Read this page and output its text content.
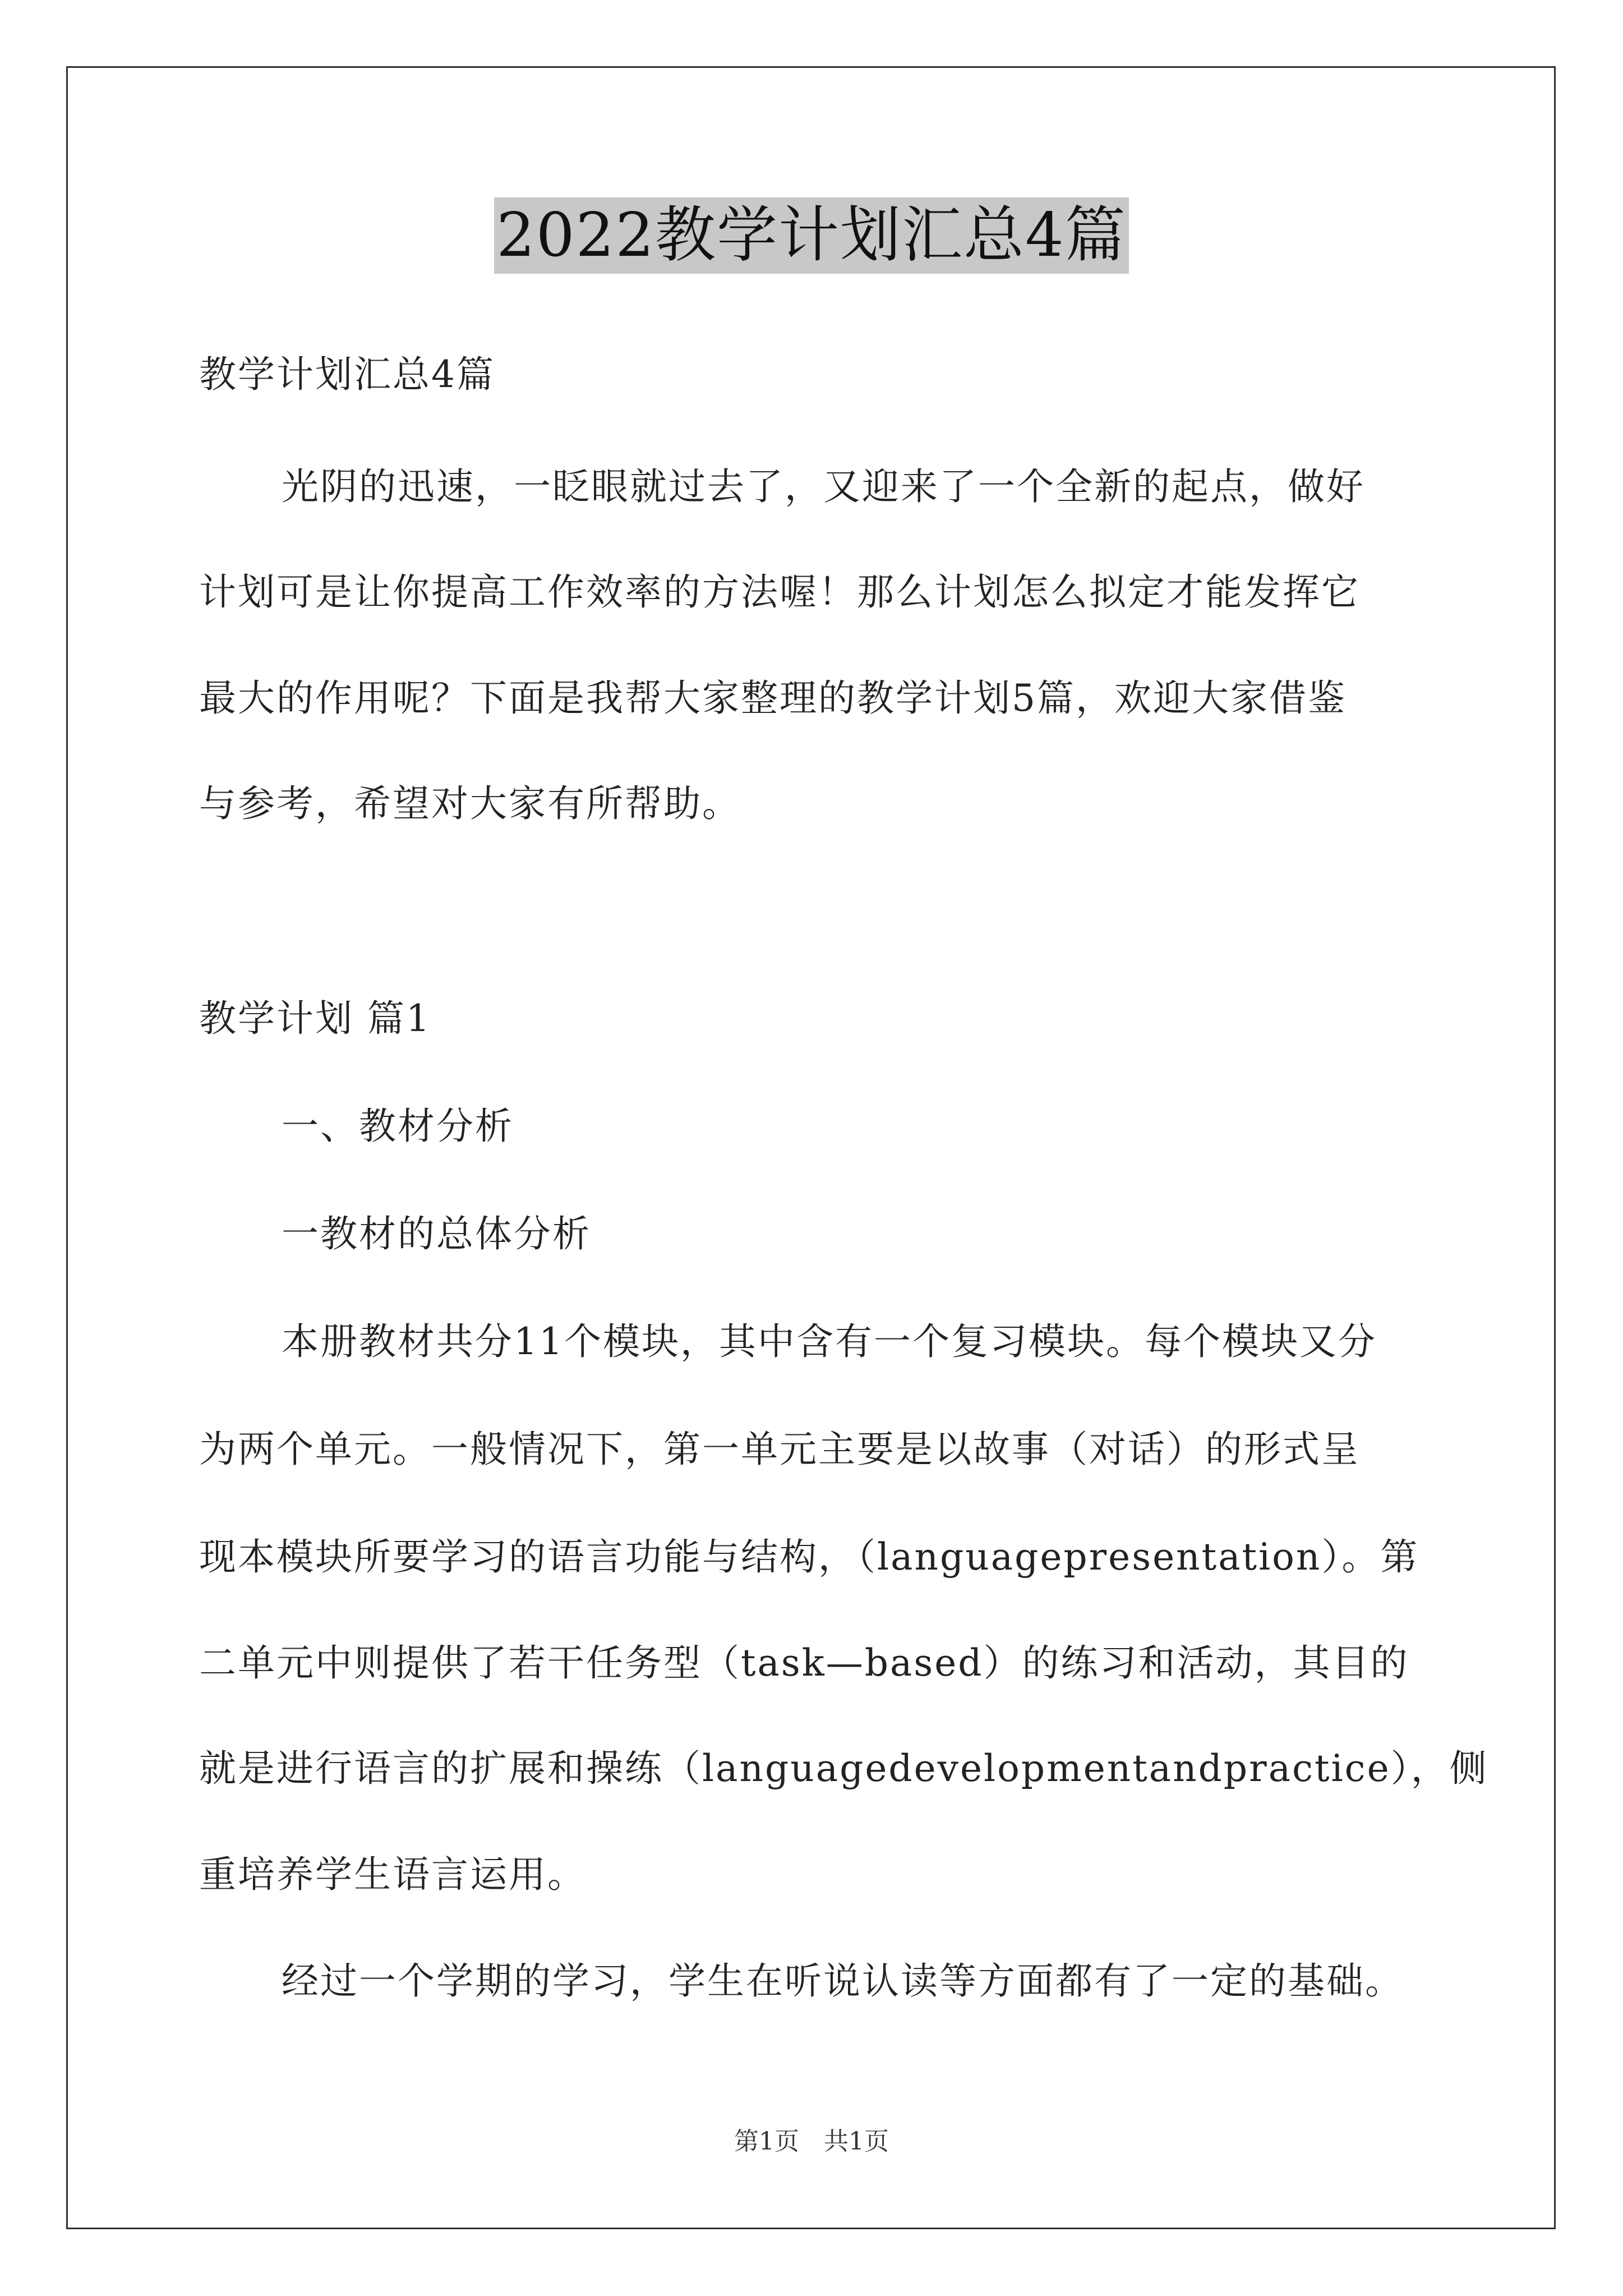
2022教学计划汇总4篇
教学计划汇总4篇
光阴的迅速，一眨眼就过去了，又迎来了一个全新的起点，做好
计划可是让你提高工作效率的方法喔！那么计划怎么拟定才能发挥它
最大的作用呢？下面是我帮大家整理的教学计划5篇，欢迎大家借鉴
与参考，希望对大家有所帮助。
教学计划 篇1
一、教材分析
一教材的总体分析
本册教材共分11个模块，其中含有一个复习模块。每个模块又分
为两个单元。一般情况下，第一单元主要是以故事（对话）的形式呈
现本模块所要学习的语言功能与结构，（languagepresentation）。第
二单元中则提供了若干任务型（task—based）的练习和活动，其目的
就是进行语言的扩展和操练（languagedevelopmentandpractice），侧
重培养学生语言运用。
经过一个学期的学习，学生在听说认读等方面都有了一定的基础。
第1页　共1页
